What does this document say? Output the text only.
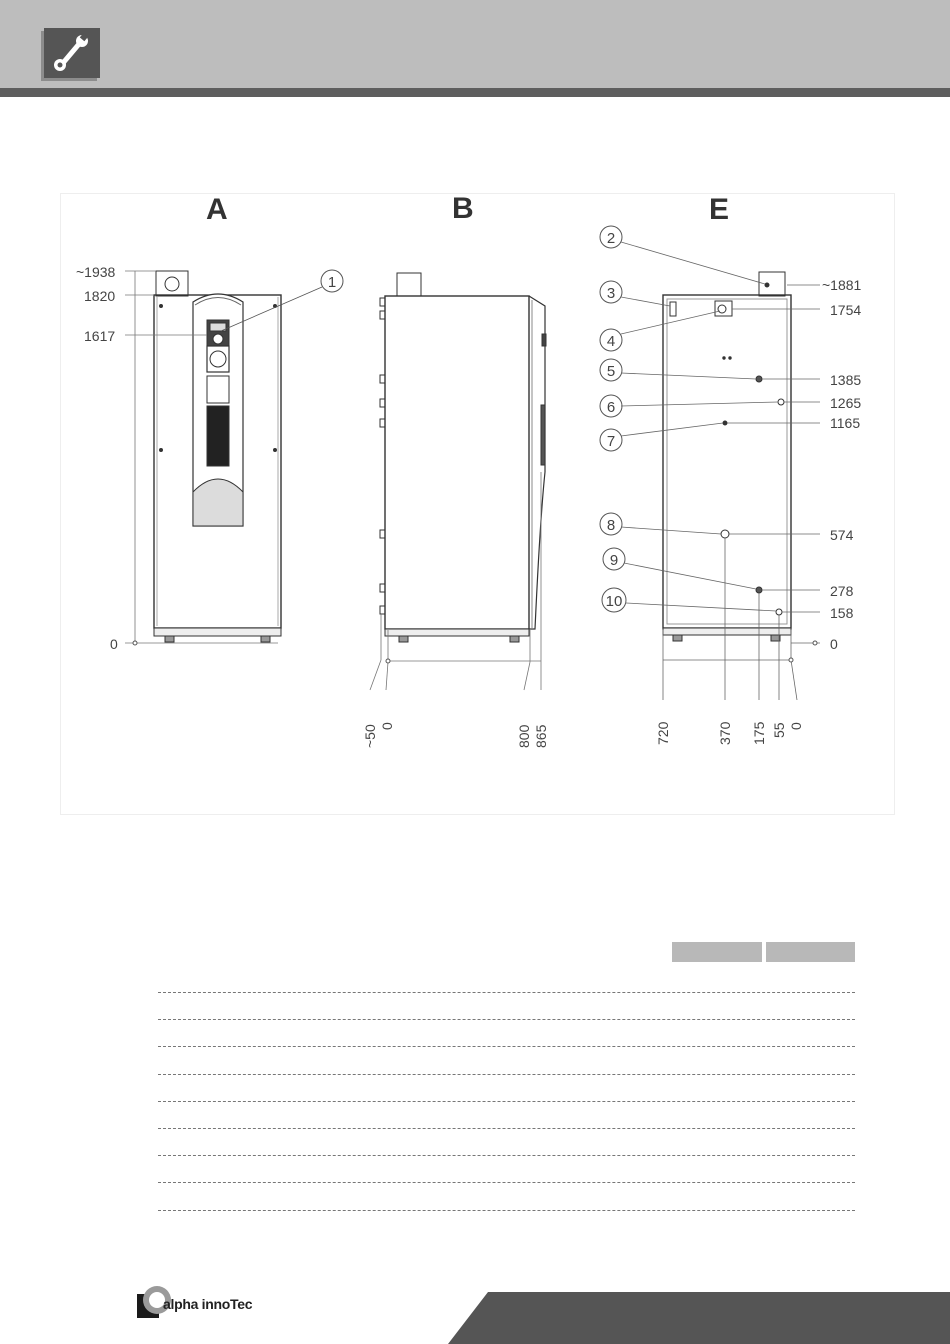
A	B	E
~1938
1820
1617
0
1
~50 0	800 865
2
3
4
5
6
7
8
9
10
~1881
1754
1385
1265
1165
574
278
158
0
720	370 175 55 0
alpha innoTec
